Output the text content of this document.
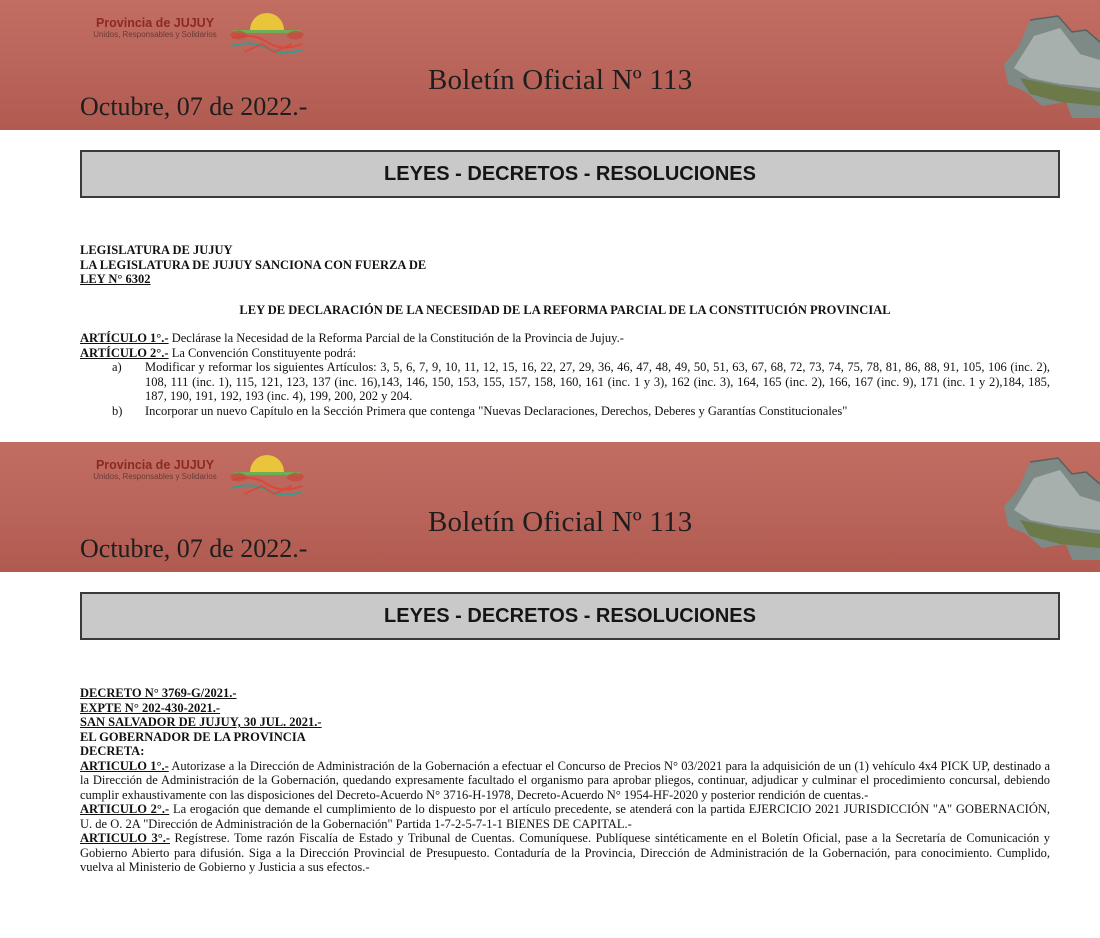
Provincia de JUJUY
Unidos, Responsables y Solidarios
Boletín Oficial Nº 113
Octubre, 07 de 2022.-
LEYES - DECRETOS - RESOLUCIONES
LEGISLATURA DE JUJUY
LA LEGISLATURA DE JUJUY SANCIONA CON FUERZA DE
LEY N° 6302
LEY DE DECLARACIÓN DE LA NECESIDAD DE LA REFORMA PARCIAL DE LA CONSTITUCIÓN PROVINCIAL
ARTÍCULO 1°.- Declárase la Necesidad de la Reforma Parcial de la Constitución de la Provincia de Jujuy.-
ARTÍCULO 2°.- La Convención Constituyente podrá:
a)	Modificar y reformar los siguientes Artículos: 3, 5, 6, 7, 9, 10, 11, 12, 15, 16, 22, 27, 29, 36, 46, 47, 48, 49, 50, 51, 63, 67, 68, 72, 73, 74, 75, 78, 81, 86, 88, 91, 105, 106 (inc. 2), 108, 111 (inc. 1), 115, 121, 123, 137 (inc. 16),143, 146, 150, 153, 155, 157, 158, 160, 161 (inc. 1 y 3), 162 (inc. 3), 164, 165 (inc. 2), 166, 167 (inc. 9), 171 (inc. 1 y 2),184, 185, 187, 190, 191, 192, 193 (inc. 4), 199, 200, 202 y 204.
b)	Incorporar un nuevo Capítulo en la Sección Primera que contenga "Nuevas Declaraciones, Derechos, Deberes y Garantías Constitucionales"
Provincia de JUJUY
Unidos, Responsables y Solidarios
Boletín Oficial Nº 113
Octubre, 07 de 2022.-
LEYES - DECRETOS - RESOLUCIONES
DECRETO N° 3769-G/2021.-
EXPTE N° 202-430-2021.-
SAN SALVADOR DE JUJUY, 30 JUL. 2021.-
EL GOBERNADOR DE LA PROVINCIA
DECRETA:
ARTICULO 1°.- Autorizase a la Dirección de Administración de la Gobernación a efectuar el Concurso de Precios N° 03/2021 para la adquisición de un (1) vehículo 4x4 PICK UP, destinado a la Dirección de Administración de la Gobernación, quedando expresamente facultado el organismo para aprobar pliegos, continuar, adjudicar y culminar el procedimiento concursal, debiendo cumplir exhaustivamente con las disposiciones del Decreto-Acuerdo N° 3716-H-1978, Decreto-Acuerdo N° 1954-HF-2020 y posterior rendición de cuentas.-
ARTICULO 2°.- La erogación que demande el cumplimiento de lo dispuesto por el artículo precedente, se atenderá con la partida EJERCICIO 2021 JURISDICCIÓN "A" GOBERNACIÓN, U. de O. 2A "Dirección de Administración de la Gobernación" Partida 1-7-2-5-7-1-1 BIENES DE CAPITAL.-
ARTICULO 3°.- Regístrese. Tome razón Fiscalía de Estado y Tribunal de Cuentas. Comuníquese. Publíquese sintéticamente en el Boletín Oficial, pase a la Secretaría de Comunicación y Gobierno Abierto para difusión. Siga a la Dirección Provincial de Presupuesto. Contaduría de la Provincia, Dirección de Administración de la Gobernación, para conocimiento. Cumplido, vuelva al Ministerio de Gobierno y Justicia a sus efectos.-
